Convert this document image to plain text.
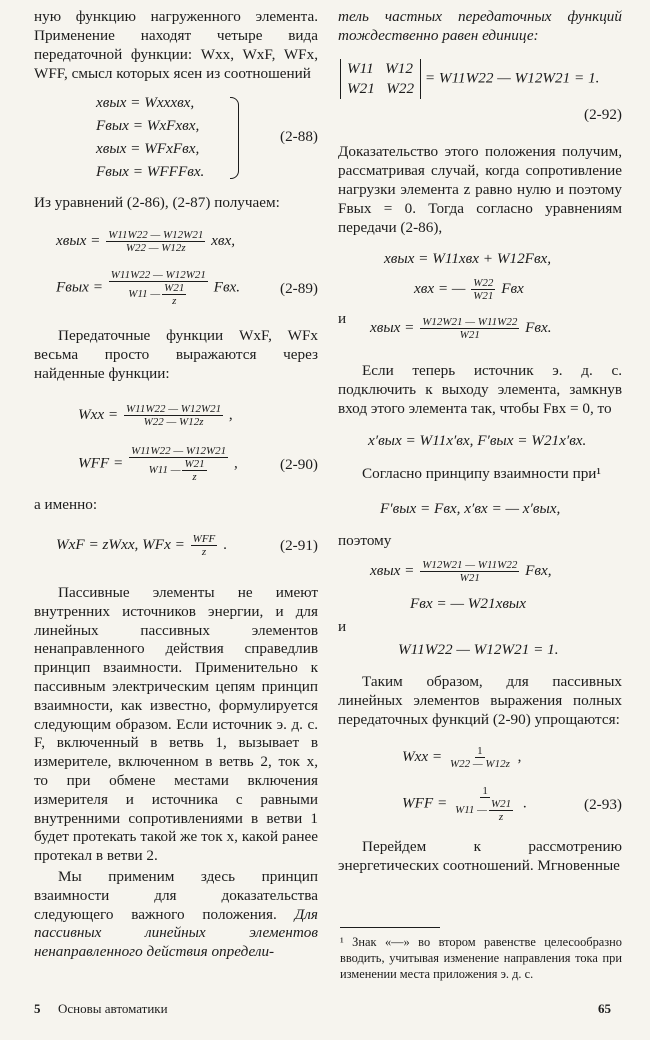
ную функцию нагруженного элемента. Применение находят четыре вида передаточной функции: Wxx, WxF, WFx, WFF, смысл которых ясен из соотношений

xвых = Wxxxвх,
Fвых = WxFxвх,
xвых = WFxFвх,
Fвых = WFFFвх.
(2-88)

Из уравнений (2-86), (2-87) получаем:

xвых = $\frac{W11W22 — W12W21}{W22 — W12z}$ xвх,
Fвых = $\frac{W11W22 — W12W21}{W11 — \frac{W21}{z}}$ Fвх.	(2-89)

Передаточные функции WxF, WFx весьма просто выражаются через найденные функции:

Wxx = $\frac{W11W22 — W12W21}{W22 — W12z}$ ,
WFF = $\frac{W11W22 — W12W21}{W11 — \frac{W21}{z}}$ ,	(2-90)

а именно:

WxF = zWxx, WFx = $\frac{\text{WFF}}{z}$ .	(2-91)

Пассивные элементы не имеют внутренних источников энергии, и для линейных пассивных элементов ненаправленного действия справедлив принцип взаимности. Применительно к пассивным электрическим цепям принцип взаимности, как известно, формулируется следующим образом. Если источник э. д. с. F, включенный в ветвь 1, вызывает в измерителе, включенном в ветвь 2, ток x, то при обмене местами включения измерителя и источника с равными внутренними сопротивлениями в ветви 1 будет протекать такой же ток x, какой ранее протекал в ветви 2.

Мы применим здесь принцип взаимности для доказательства следующего важного положения. Для пассивных линейных элементов ненаправленного действия определи-

тель частных передаточных функций тождественно равен единице:

W11 W12
W21 W22 = W11W22 — W12W21 = 1.
(2-92)

Доказательство этого положения получим, рассматривая случай, когда сопротивление нагрузки элемента z равно нулю и поэтому Fвых = 0. Тогда согласно уравнениям передачи (2-86),

xвых = W11xвх + W12Fвх,
xвх = — $\frac{W22}{W21}$ Fвх
и xвых = $\frac{W12W21 — W11W22}{W21}$ Fвх.

Если теперь источник э. д. с. подключить к выходу элемента, замкнув вход этого элемента так, чтобы Fвх = 0, то

x′вых = W11x′вх, F′вых = W21x′вх.

Согласно принципу взаимности при¹

F′вых = Fвх, x′вх = — x′вых,

поэтому

xвых = $\frac{W12W21 — W11W22}{W21}$ Fвх,
Fвх = — W21xвых
и
W11W22 — W12W21 = 1.

Таким образом, для пассивных линейных элементов выражения полных передаточных функций (2-90) упрощаются:

Wxx = $\frac{1}{W22 — W12z}$ ,
WFF = $\frac{1}{W11 — \frac{W21}{z}}$ .	(2-93)

Перейдем к рассмотрению энергетических соотношений. Мгновенные

¹ Знак «—» во втором равенстве целесообразно вводить, учитывая изменение направления тока при изменении места приложения э. д. с.

5 Основы автоматики	65
